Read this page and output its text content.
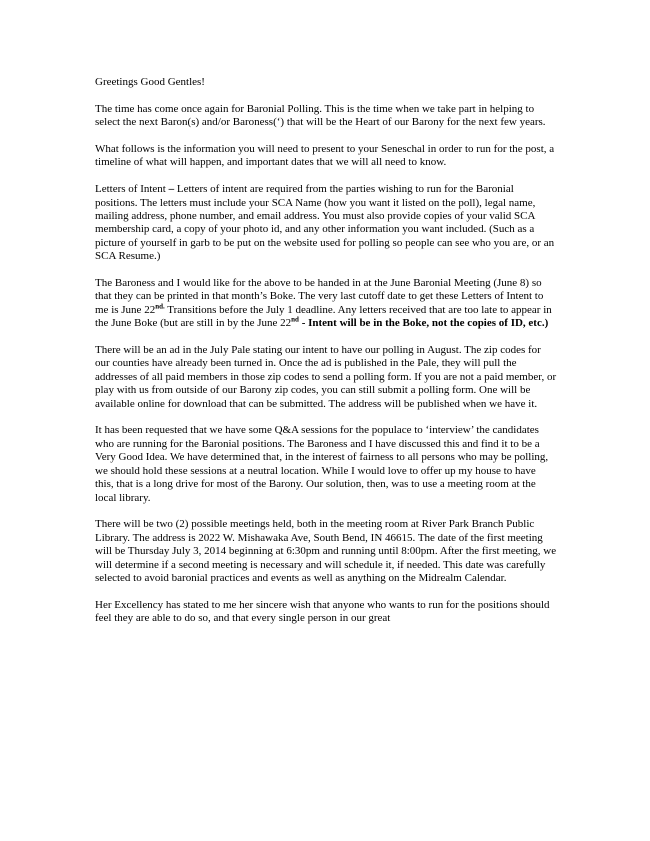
Greetings Good Gentles!

The time has come once again for Baronial Polling. This is the time when we take part in helping to select the next Baron(s) and/or Baroness(‘) that will be the Heart of our Barony for the next few years.

What follows is the information you will need to present to your Seneschal in order to run for the post, a timeline of what will happen, and important dates that we will all need to know.

Letters of Intent – Letters of intent are required from the parties wishing to run for the Baronial positions. The letters must include your SCA Name (how you want it listed on the poll), legal name, mailing address, phone number, and email address. You must also provide copies of your valid SCA membership card, a copy of your photo id, and any other information you want included. (Such as a picture of yourself in garb to be put on the website used for polling so people can see who you are, or an SCA Resume.)

The Baroness and I would like for the above to be handed in at the June Baronial Meeting (June 8) so that they can be printed in that month’s Boke. The very last cutoff date to get these Letters of Intent to me is June $22^{nd.}$ Transitions before the July 1 deadline. Any letters received that are too late to appear in the June Boke (but are still in by the June 22nd - Intent will be in the Boke, not the copies of ID, etc.)

There will be an ad in the July Pale stating our intent to have our polling in August. The zip codes for our counties have already been turned in. Once the ad is published in the Pale, they will pull the addresses of all paid members in those zip codes to send a polling form. If you are not a paid member, or play with us from outside of our Barony zip codes, you can still submit a polling form. One will be available online for download that can be submitted. The address will be published when we have it.

It has been requested that we have some Q&A sessions for the populace to ‘interview’ the candidates who are running for the Baronial positions. The Baroness and I have discussed this and find it to be a Very Good Idea. We have determined that, in the interest of fairness to all persons who may be polling, we should hold these sessions at a neutral location. While I would love to offer up my house to have this, that is a long drive for most of the Barony. Our solution, then, was to use a meeting room at the local library.

There will be two (2) possible meetings held, both in the meeting room at River Park Branch Public Library. The address is 2022 W. Mishawaka Ave, South Bend, IN 46615. The date of the first meeting will be Thursday July 3, 2014 beginning at 6:30pm and running until 8:00pm. After the first meeting, we will determine if a second meeting is necessary and will schedule it, if needed. This date was carefully selected to avoid baronial practices and events as well as anything on the Midrealm Calendar.

Her Excellency has stated to me her sincere wish that anyone who wants to run for the positions should feel they are able to do so, and that every single person in our great
